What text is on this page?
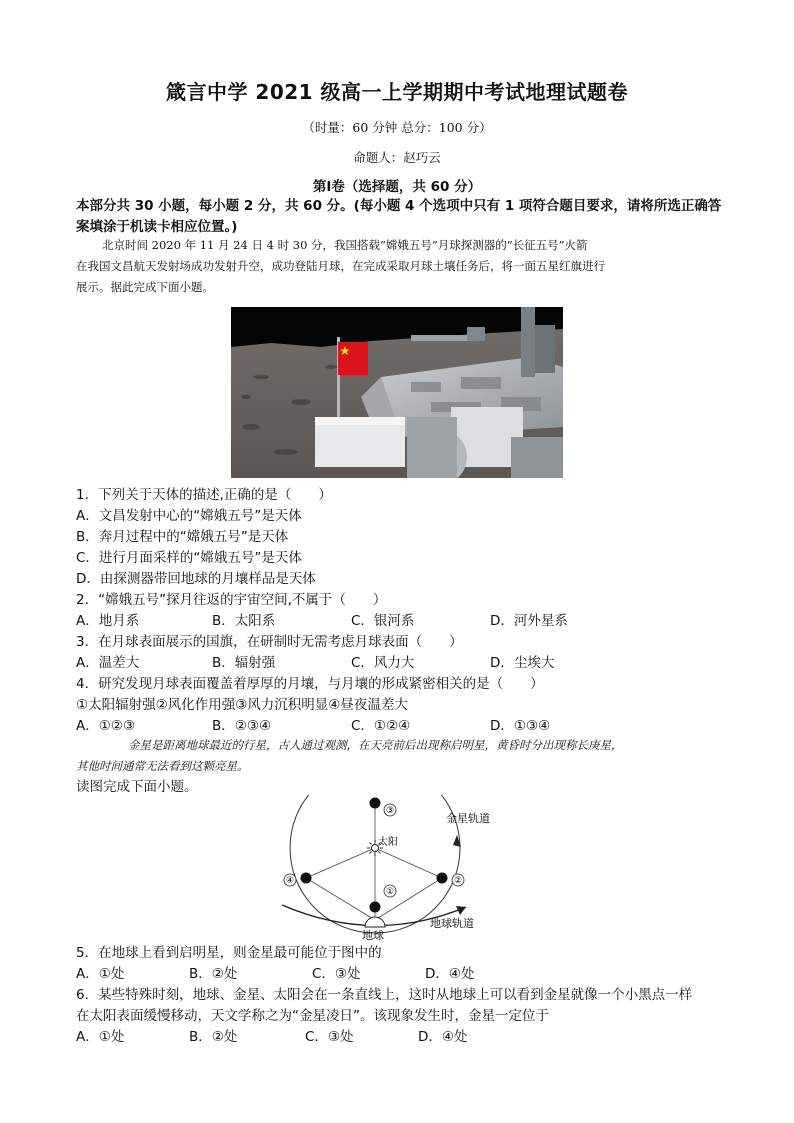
箴言中学 2021 级高一上学期期中考试地理试题卷
（时量：60 分钟 总分：100 分）
命题人：赵巧云
第Ⅰ卷（选择题，共 60 分）
本部分共 30 小题，每小题 2 分，共 60 分。(每小题 4 个选项中只有 1 项符合题目要求，请将所选正确答
案填涂于机读卡相应位置。)
北京时间 2020 年 11 月 24 日 4 时 30 分，我国搭载“嫦娥五号”月球探测器的“长征五号”火箭
在我国文昌航天发射场成功发射升空，成功登陆月球，在完成采取月球土壤任务后，将一面五星红旗进行
展示。据此完成下面小题。
1．下列关于天体的描述,正确的是（　　）
A．文昌发射中心的“嫦娥五号”是天体
B．奔月过程中的“嫦娥五号”是天体
C．进行月面采样的“嫦娥五号”是天体
D．由探测器带回地球的月壤样品是天体
2．“嫦娥五号”探月往返的宇宙空间,不属于（　　）
A．地月系	B．太阳系	C．银河系	D．河外星系
3．在月球表面展示的国旗，在研制时无需考虑月球表面（　　）
A．温差大	B．辐射强	C．风力大	D．尘埃大
4．研究发现月球表面覆盖着厚厚的月壤，与月壤的形成紧密相关的是（　　）
①太阳辐射强②风化作用强③风力沉积明显④昼夜温差大
A．①②③	B．②③④	C．①②④	D．①③④
金星是距离地球最近的行星，古人通过观测，在天亮前后出现称启明星，黄昏时分出现称长庚星，
其他时间通常无法看到这颗亮星。
读图完成下面小题。
①
②
③
④
太阳
金星轨道
地球
地球轨道
5．在地球上看到启明星，则金星最可能位于图中的
A．①处	B．②处	C．③处	D．④处
6．某些特殊时刻，地球、金星、太阳会在一条直线上，这时从地球上可以看到金星就像一个小黑点一样
在太阳表面缓慢移动，天文学称之为“金星凌日”。该现象发生时，金星一定位于
A．①处	B．②处	C．③处	D．④处
